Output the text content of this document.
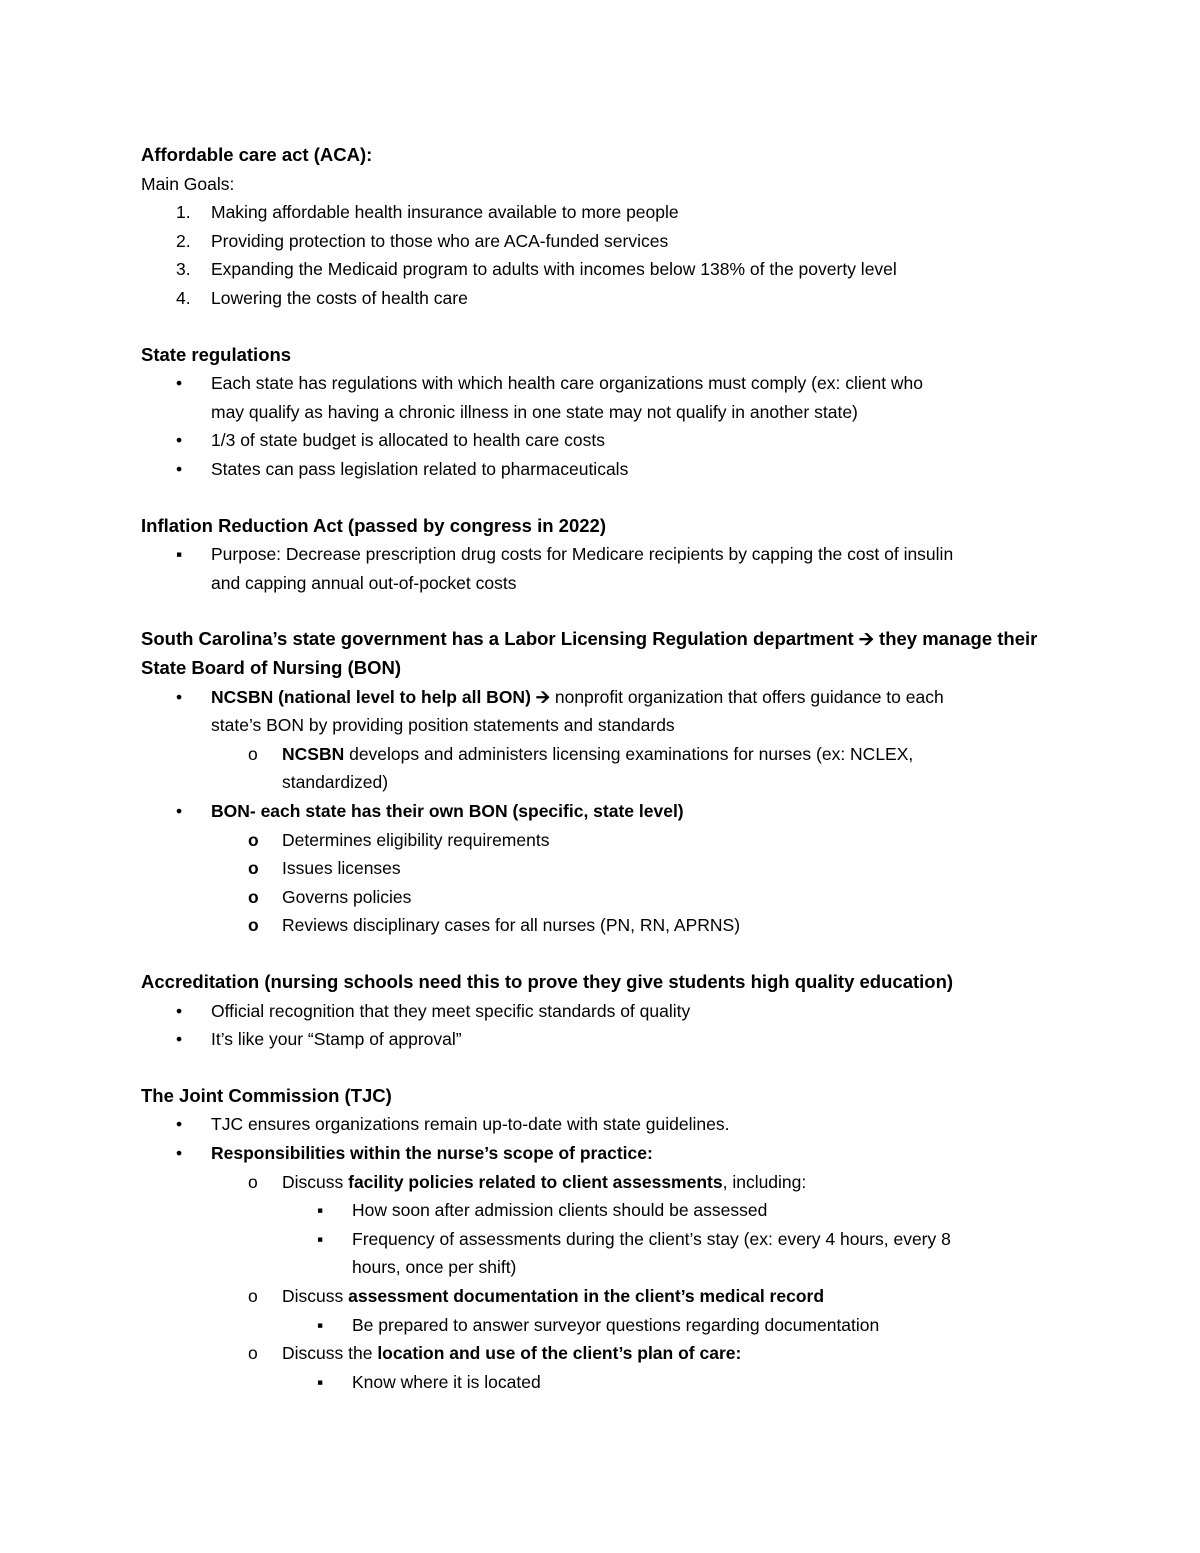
Affordable care act (ACA):
Main Goals:
1. Making affordable health insurance available to more people
2. Providing protection to those who are ACA-funded services
3. Expanding the Medicaid program to adults with incomes below 138% of the poverty level
4. Lowering the costs of health care
State regulations
• Each state has regulations with which health care organizations must comply (ex: client who
may qualify as having a chronic illness in one state may not qualify in another state)
• 1/3 of state budget is allocated to health care costs
• States can pass legislation related to pharmaceuticals
Inflation Reduction Act (passed by congress in 2022)
▪ Purpose: Decrease prescription drug costs for Medicare recipients by capping the cost of insulin
and capping annual out-of-pocket costs
South Carolina’s state government has a Labor Licensing Regulation department 🡪 they manage their
State Board of Nursing (BON)
• NCSBN (national level to help all BON) 🡪 nonprofit organization that offers guidance to each
state’s BON by providing position statements and standards
o NCSBN develops and administers licensing examinations for nurses (ex: NCLEX,
standardized)
• BON- each state has their own BON (specific, state level)
o Determines eligibility requirements
o Issues licenses
o Governs policies
o Reviews disciplinary cases for all nurses (PN, RN, APRNS)
Accreditation (nursing schools need this to prove they give students high quality education)
• Official recognition that they meet specific standards of quality
• It’s like your “Stamp of approval”
The Joint Commission (TJC)
• TJC ensures organizations remain up-to-date with state guidelines.
• Responsibilities within the nurse’s scope of practice:
o Discuss facility policies related to client assessments, including:
▪ How soon after admission clients should be assessed
▪ Frequency of assessments during the client’s stay (ex: every 4 hours, every 8
hours, once per shift)
o Discuss assessment documentation in the client’s medical record
▪ Be prepared to answer surveyor questions regarding documentation
o Discuss the location and use of the client’s plan of care:
▪ Know where it is located
